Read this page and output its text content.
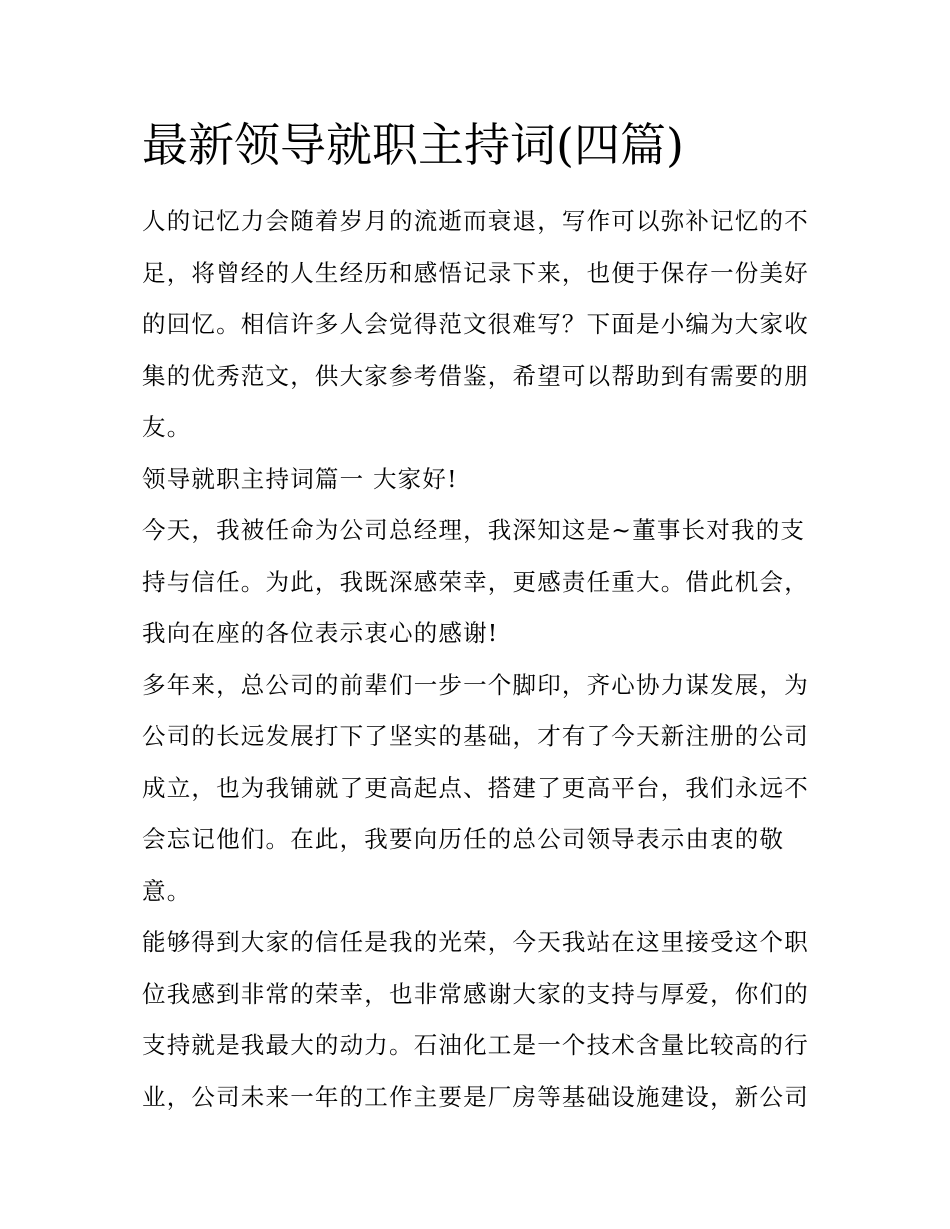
最新领导就职主持词(四篇)

人的记忆力会随着岁月的流逝而衰退，写作可以弥补记忆的不
足，将曾经的人生经历和感悟记录下来，也便于保存一份美好
的回忆。相信许多人会觉得范文很难写？下面是小编为大家收
集的优秀范文，供大家参考借鉴，希望可以帮助到有需要的朋
友。

领导就职主持词篇一 大家好!

今天，我被任命为公司总经理，我深知这是~董事长对我的支
持与信任。为此，我既深感荣幸，更感责任重大。借此机会，
我向在座的各位表示衷心的感谢!

多年来，总公司的前辈们一步一个脚印，齐心协力谋发展，为
公司的长远发展打下了坚实的基础，才有了今天新注册的公司
成立，也为我铺就了更高起点、搭建了更高平台，我们永远不
会忘记他们。在此，我要向历任的总公司领导表示由衷的敬
意。

能够得到大家的信任是我的光荣，今天我站在这里接受这个职
位我感到非常的荣幸，也非常感谢大家的支持与厚爱，你们的
支持就是我最大的动力。石油化工是一个技术含量比较高的行
业，公司未来一年的工作主要是厂房等基础设施建设，新公司
